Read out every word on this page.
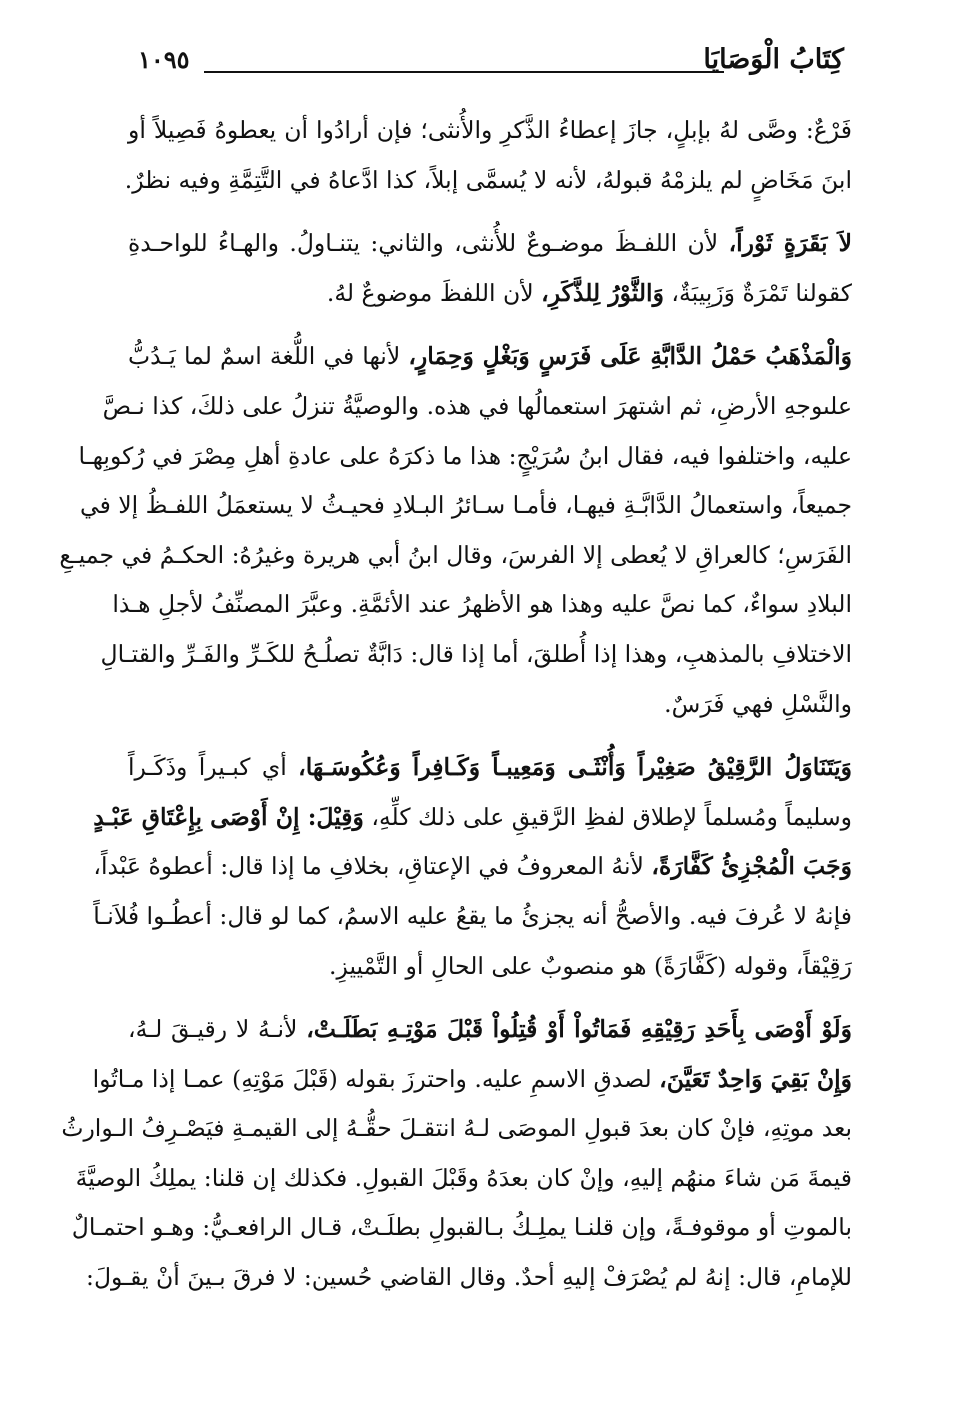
كِتَابُ الْوَصَايَا
١٠٩٥

فَرْعٌ: وصَّى لهُ بإبلٍ، جازَ إعطاءُ الذَّكرِ والأُنثى؛ فإن أرادُوا أن يعطوهُ فَصِيلاً أو
ابنَ مَخَاضٍ لم يلزمْهُ قبولهُ، لأنه لا يُسمَّى إبلاً، كذا ادَّعاهُ في التَّتِمَّةِ وفيه نظرٌ.

لاَ بَقَرَةٍ ثَوْراً، لأن اللفـظَ موضـوعٌ للأُنثى، والثاني: يتنـاولُ. والهـاءُ للواحـدةِ
كقولنا تَمْرَةٌ وَزَبِيبَةٌ، وَالثَّوْرُ لِلذَّكَرِ، لأن اللفظَ موضوعٌ لهُ.

وَالْمَذْهَبُ حَمْلُ الدَّابَّةِ عَلَى فَرَسٍ وَبَغْلٍ وَحِمَارٍ، لأنها في اللُّغة اسمٌ لما يَـدُبُّ
علىوجهِ الأرضِ، ثم اشتهرَ استعمالُها في هذه. والوصيَّةُ تنزلُ على ذلكَ، كذا نـصَّ
عليه، واختلفوا فيه، فقال ابنُ سُرَيْجٍ: هذا ما ذكرَهُ على عادةِ أهلِ مِصْرَ في رُكوبِهـا
جميعاً، واستعمالُ الدَّابَّـةِ فيهـا، فأمـا سـائرُ البـلادِ فحيـثُ لا يستعمَلُ اللفـظُ إلا في
الفَرَسِ؛ كالعراقِ لا يُعطى إلا الفرسَ، وقال ابنُ أبي هريرة وغيرُهُ: الحكـمُ في جميـعِ
البلادِ سواءٌ، كما نصَّ عليه وهذا هو الأظهرُ عند الأئمَّةِ. وعبَّرَ المصنِّفُ لأجلِ هـذا
الاختلافِ بالمذهبِ، وهذا إذا أُطلقَ، أما إذا قال: دَابَّةٌ تصلُـحُ للكَـرِّ والفَـرِّ والقتـالِ
والنَّسْلِ فهي فَرَسٌ.

وَيَتَنَاوَلُ الرَّقِيْقُ صَغِيْراً وَأُنْثَـى وَمَعِيبـاً وَكَـافِراً وَعُكُوسَـهَا، أي كبـيراً وذَكَـراً
وسليماً ومُسلماً لإطلاق لفظِ الرَّقيقِ على ذلك كلِّهِ، وَقِيْلَ: إِنْ أَوْصَى بِإِعْتَاقِ عَبْـدٍ
وَجَبَ الْمُجْزِئُ كَفَّارَةً، لأنهُ المعروفُ في الإعتاقِ، بخلافِ ما إذا قال: أعطوهُ عَبْداً،
فإنهُ لا عُرفَ فيه. والأصحُّ أنه يجزئُ ما يقعُ عليه الاسمُ، كما لو قال: أعطُـوا فُلاَنـاً
رَقِيْقاً، وقوله (كَفَّارَةً) هو منصوبٌ على الحالِ أو التَّمْييزِ.

وَلَوْ أَوْصَى بِأَحَدِ رَقِيْقِهِ فَمَاتُواْ أَوْ قُتِلُواْ قَبْلَ مَوْتِـهِ بَطَلَـتْ، لأنـهُ لا رقيـقَ لـهُ،
وَإِنْ بَقِيَ وَاحِدٌ تَعَيَّنَ، لصدقِ الاسمِ عليه. واحترزَ بقوله (قَبْلَ مَوْتِهِ) عمـا إذا مـاتُوا
بعد موتِهِ، فإنْ كان بعدَ قبولِ الموصَى لـهُ انتقـلَ حقُّـهُ إلى القيمـةِ فيَصْـرِفُ الـوارثُ
قيمةَ مَن شاءَ منهُم إليهِ، وإنْ كان بعدَهُ وقَبْلَ القبولِ. فكذلك إن قلنا: يملِكُ الوصيَّةَ
بالموتِ أو موقوفـةً، وإن قلنـا يملِـكُ بـالقبولِ بطلَـتْ، قـال الرافعـيُّ: وهـو احتمـالٌ
للإمامِ، قال: إنهُ لم يُصْرَفْ إليهِ أحدٌ. وقال القاضي حُسين: لا فرقَ بـينَ أنْ يقـولَ:
